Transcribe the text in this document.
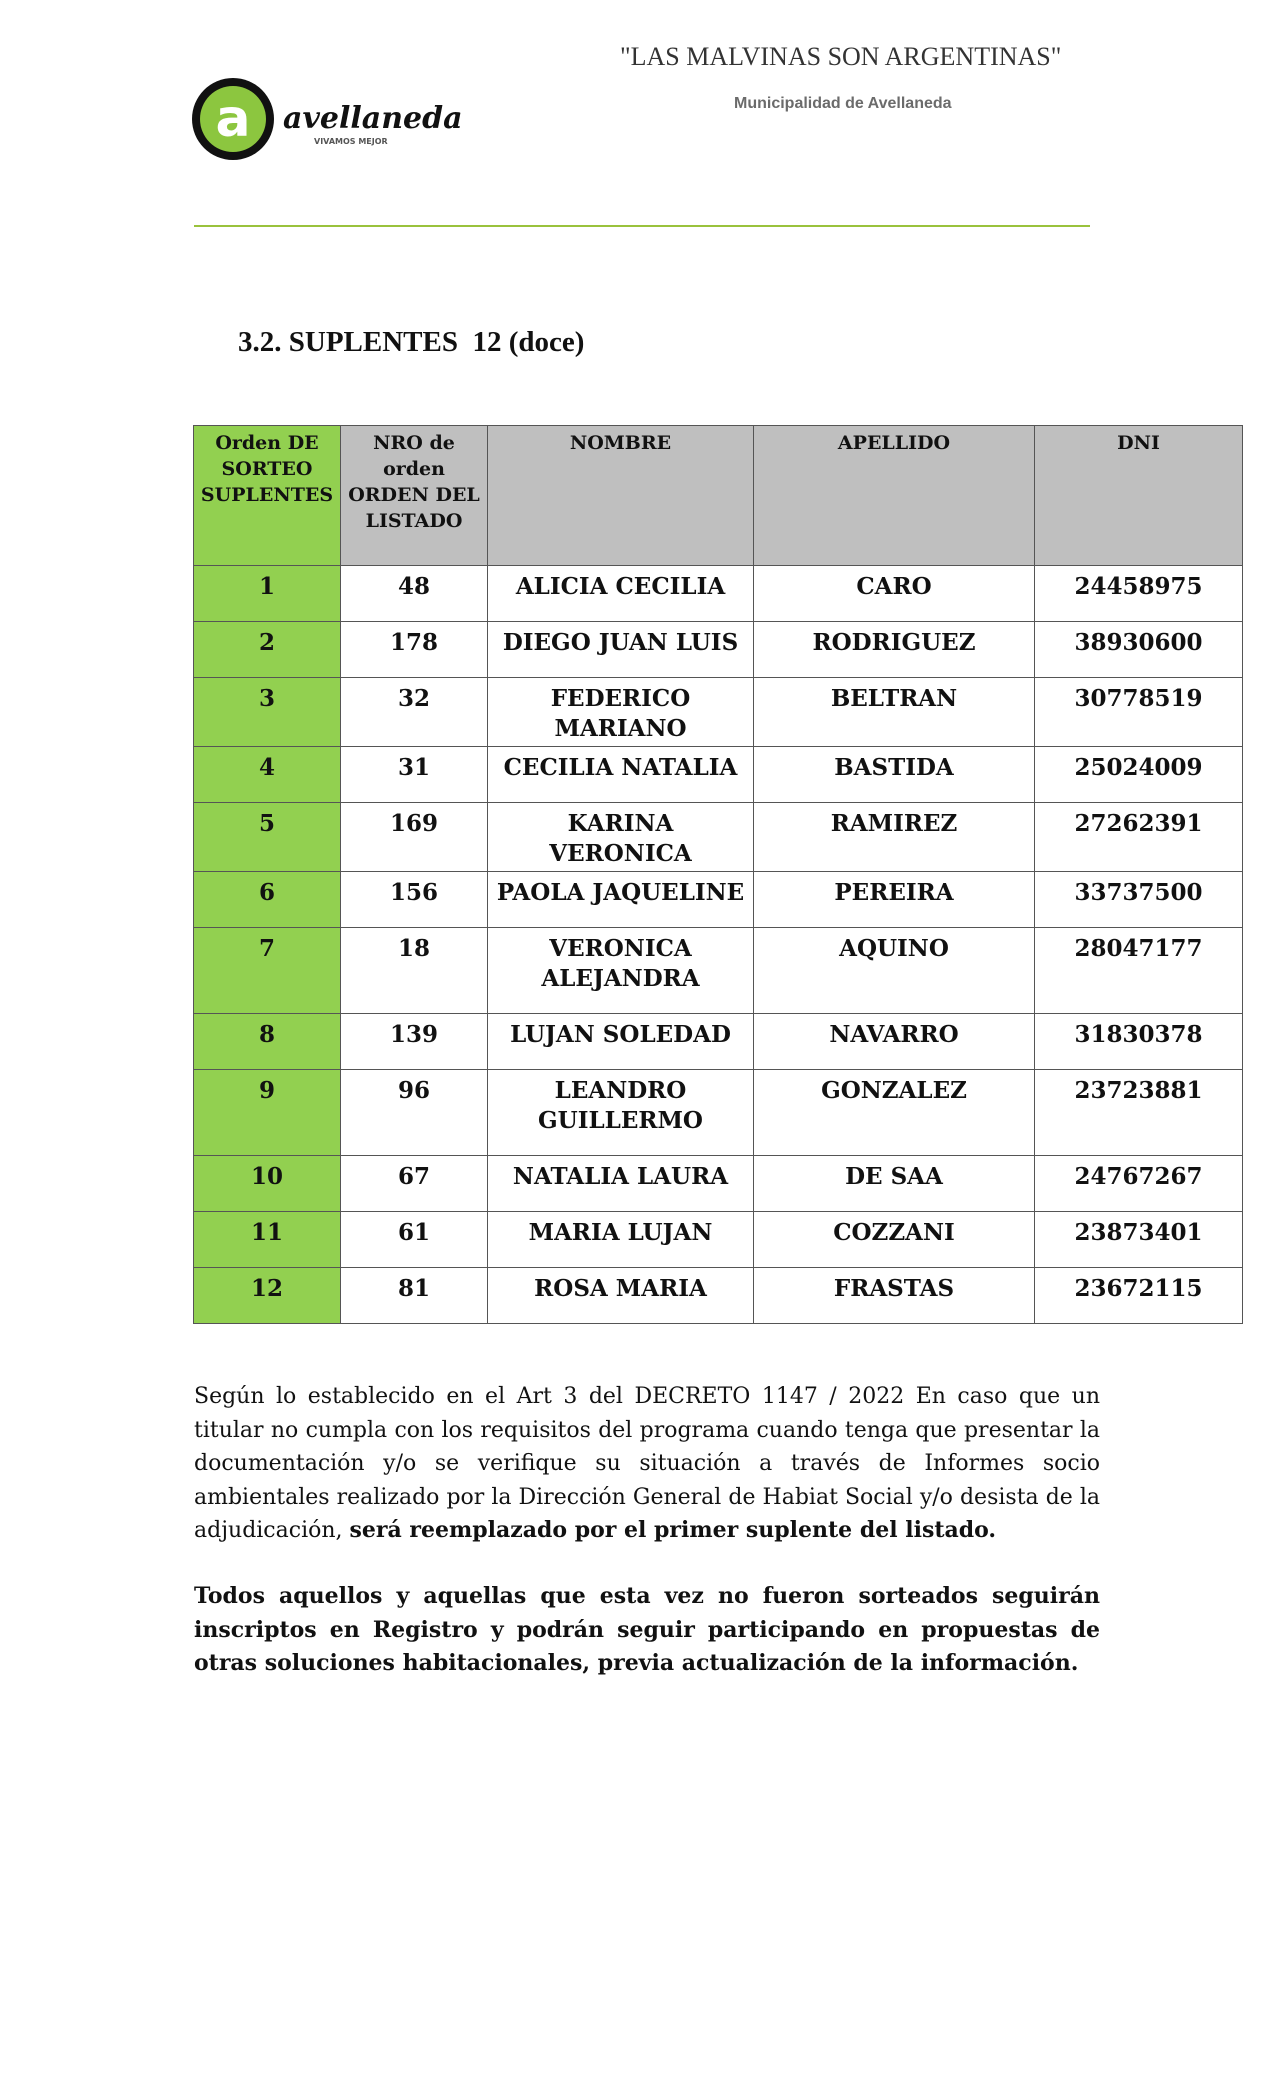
"LAS MALVINAS SON ARGENTINAS"
Municipalidad de Avellaneda
a avellaneda
VIVAMOS MEJOR
3.2. SUPLENTES  12 (doce)
Orden DE
SORTEO
SUPLENTES	NRO de
orden
ORDEN DEL
LISTADO	NOMBRE	APELLIDO	DNI
1	48	ALICIA CECILIA	CARO	24458975
2	178	DIEGO JUAN LUIS	RODRIGUEZ	38930600
3	32	FEDERICO MARIANO	BELTRAN	30778519
4	31	CECILIA NATALIA	BASTIDA	25024009
5	169	KARINA VERONICA	RAMIREZ	27262391
6	156	PAOLA JAQUELINE	PEREIRA	33737500
7	18	VERONICA ALEJANDRA	AQUINO	28047177
8	139	LUJAN SOLEDAD	NAVARRO	31830378
9	96	LEANDRO GUILLERMO	GONZALEZ	23723881
10	67	NATALIA LAURA	DE SAA	24767267
11	61	MARIA LUJAN	COZZANI	23873401
12	81	ROSA MARIA	FRASTAS	23672115

Según lo establecido en el Art 3 del DECRETO 1147 / 2022 En caso que un titular no cumpla con los requisitos del programa cuando tenga que presentar la documentación y/o se verifique su situación a través de Informes socio ambientales realizado por la Dirección General de Habiat Social y/o desista de la adjudicación, será reemplazado por el primer suplente del listado.

Todos aquellos y aquellas que esta vez no fueron sorteados seguirán inscriptos en Registro y podrán seguir participando en propuestas de otras soluciones habitacionales, previa actualización de la información.
